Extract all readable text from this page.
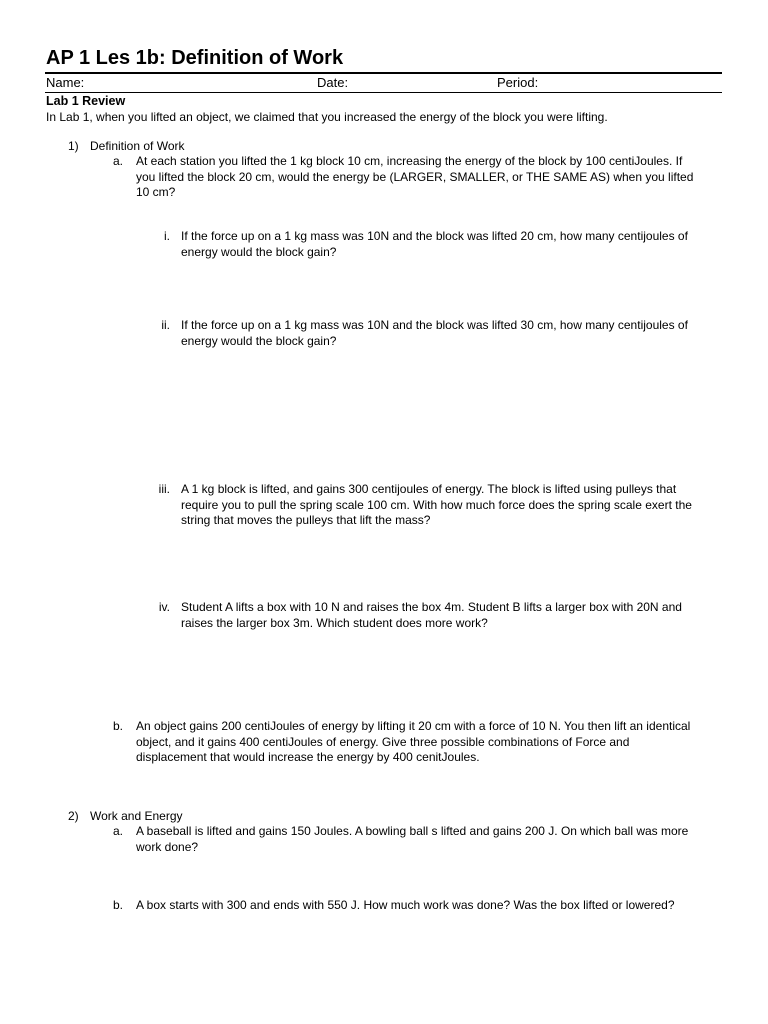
AP 1 Les 1b: Definition of Work
Name:	Date:	Period:
Lab 1 Review
In Lab 1, when you lifted an object, we claimed that you increased the energy of the block you were lifting.
1) Definition of Work
a. At each station you lifted the 1 kg block 10 cm, increasing the energy of the block by 100 centiJoules. If
you lifted the block 20 cm, would the energy be (LARGER, SMALLER, or THE SAME AS) when you lifted
10 cm?
i. If the force up on a 1 kg mass was 10N and the block was lifted 20 cm, how many centijoules of
energy would the block gain?
ii. If the force up on a 1 kg mass was 10N and the block was lifted 30 cm, how many centijoules of
energy would the block gain?
iii. A 1 kg block is lifted, and gains 300 centijoules of energy. The block is lifted using pulleys that
require you to pull the spring scale 100 cm. With how much force does the spring scale exert the
string that moves the pulleys that lift the mass?
iv. Student A lifts a box with 10 N and raises the box 4m. Student B lifts a larger box with 20N and
raises the larger box 3m. Which student does more work?
b. An object gains 200 centiJoules of energy by lifting it 20 cm with a force of 10 N. You then lift an identical
object, and it gains 400 centiJoules of energy. Give three possible combinations of Force and
displacement that would increase the energy by 400 cenitJoules.
2) Work and Energy
a. A baseball is lifted and gains 150 Joules. A bowling ball s lifted and gains 200 J. On which ball was more
work done?
b. A box starts with 300 and ends with 550 J. How much work was done? Was the box lifted or lowered?
